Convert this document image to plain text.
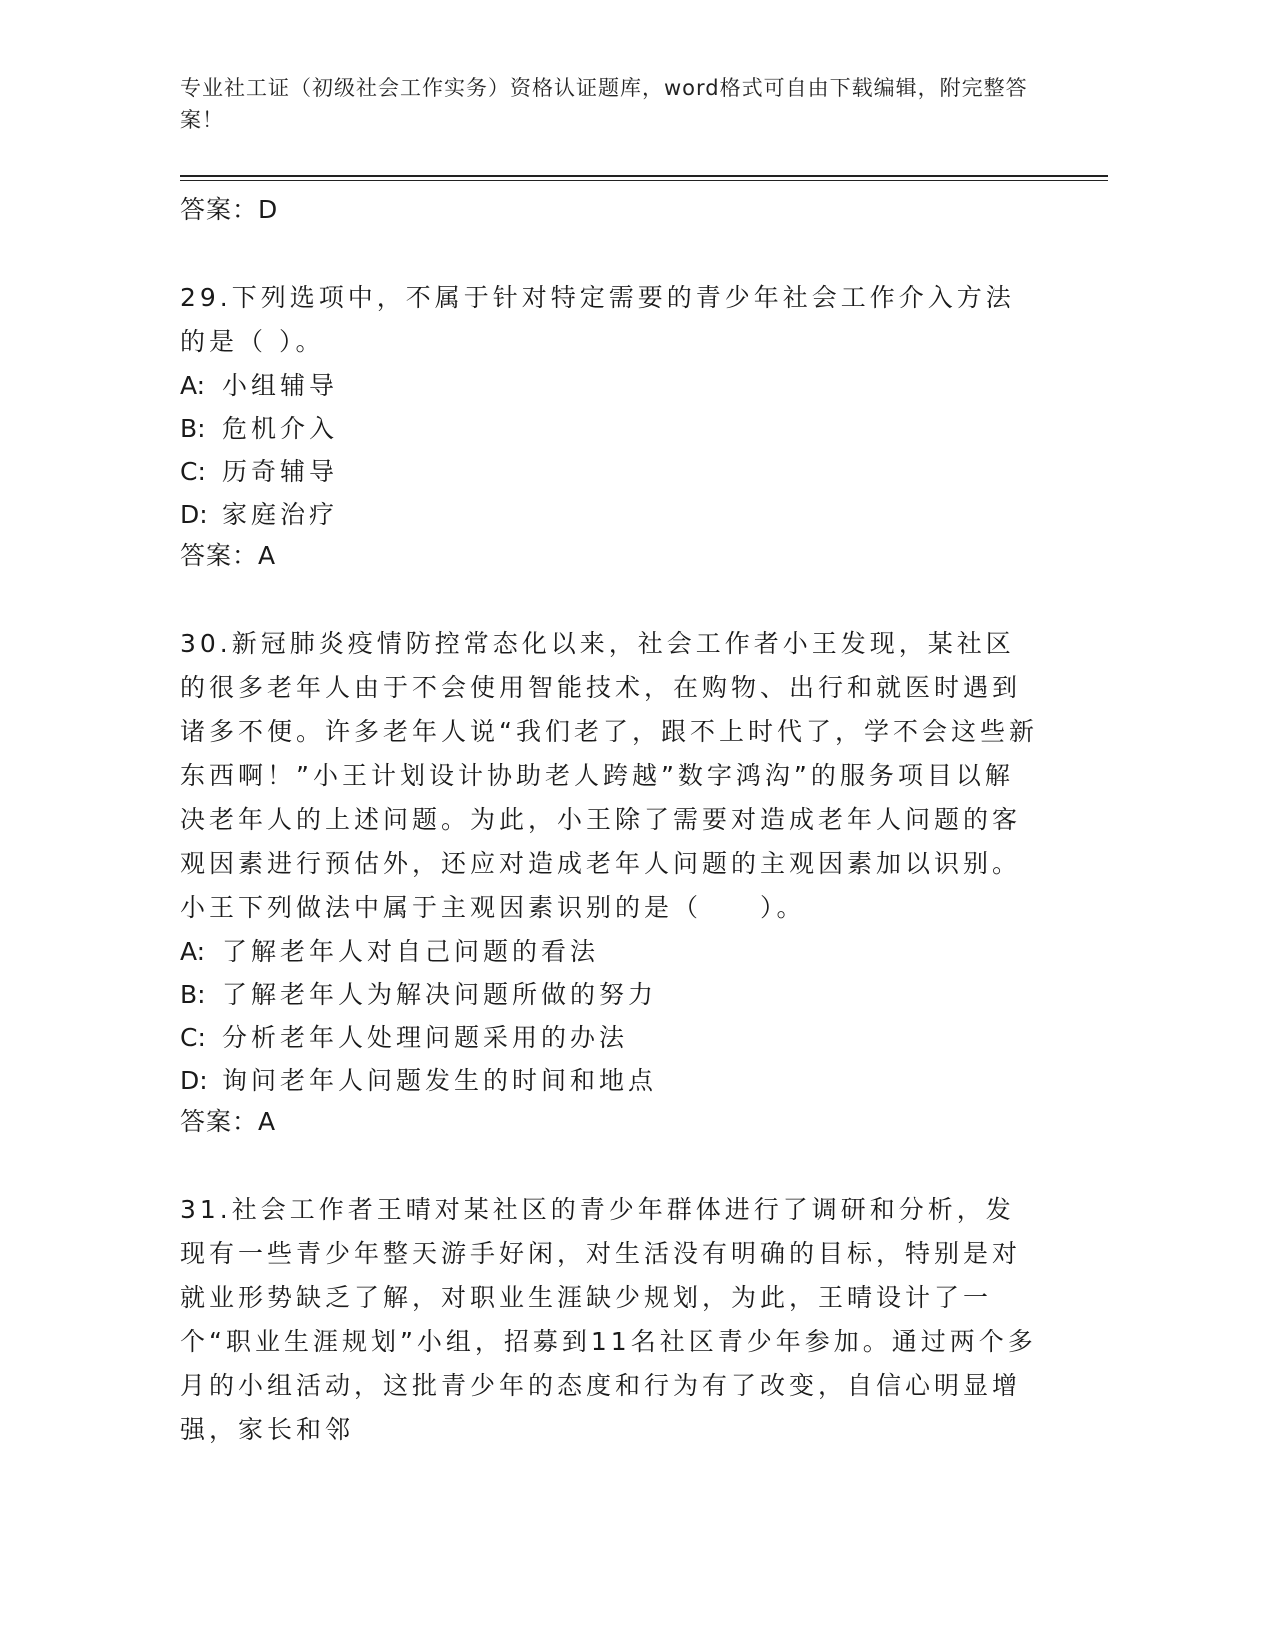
专业社工证（初级社会工作实务）资格认证题库，word格式可自由下载编辑，附完整答案！

答案：D

29.下列选项中，不属于针对特定需要的青少年社会工作介入方法的是（ ）。

A: 小组辅导

B: 危机介入

C: 历奇辅导

D: 家庭治疗

答案：A

30.新冠肺炎疫情防控常态化以来，社会工作者小王发现，某社区的很多老年人由于不会使用智能技术，在购物、出行和就医时遇到诸多不便。许多老年人说“我们老了，跟不上时代了，学不会这些新东西啊！”小王计划设计协助老人跨越”数字鸿沟”的服务项目以解决老年人的上述问题。为此，小王除了需要对造成老年人问题的客观因素进行预估外，还应对造成老年人问题的主观因素加以识别。小王下列做法中属于主观因素识别的是（　　）。

A: 了解老年人对自己问题的看法

B: 了解老年人为解决问题所做的努力

C: 分析老年人处理问题采用的办法

D: 询问老年人问题发生的时间和地点

答案：A

31.社会工作者王晴对某社区的青少年群体进行了调研和分析，发现有一些青少年整天游手好闲，对生活没有明确的目标，特别是对就业形势缺乏了解，对职业生涯缺少规划，为此，王晴设计了一个“职业生涯规划”小组，招募到11名社区青少年参加。通过两个多月的小组活动，这批青少年的态度和行为有了改变，自信心明显增强，家长和邻
